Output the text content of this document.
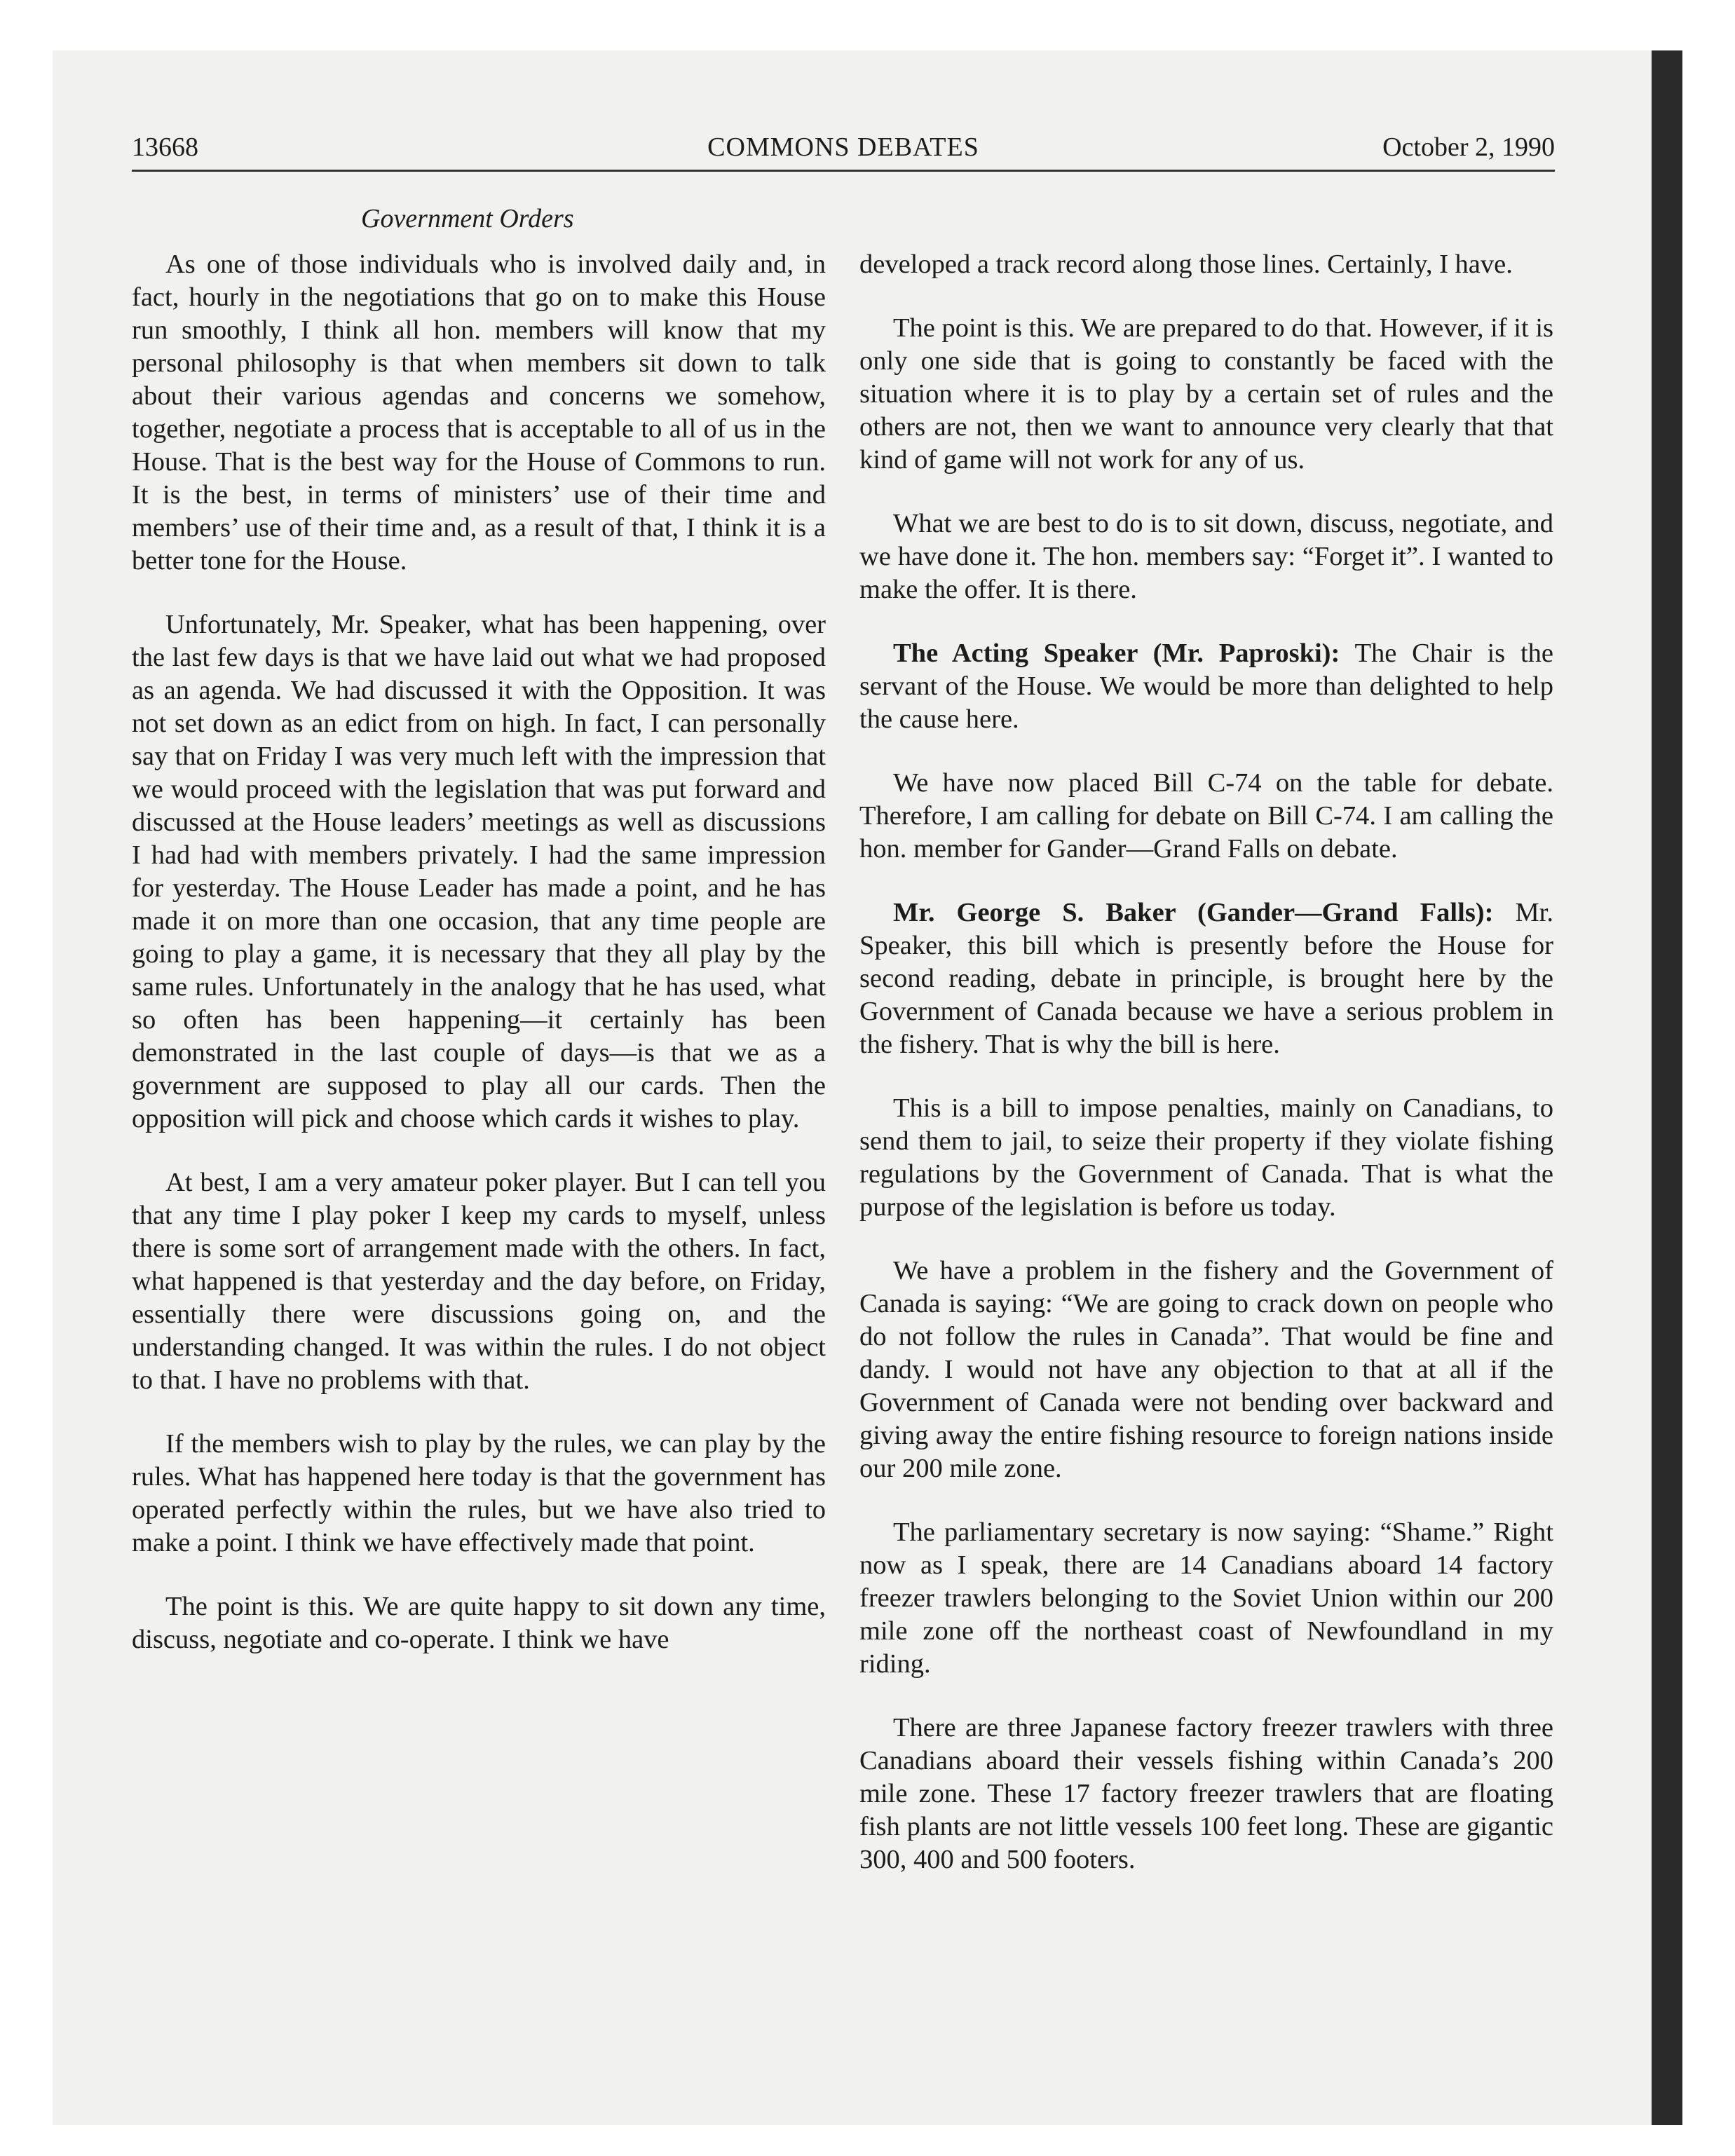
13668	COMMONS DEBATES	October 2, 1990
Government Orders

As one of those individuals who is involved daily and, in fact, hourly in the negotiations that go on to make this House run smoothly, I think all hon. members will know that my personal philosophy is that when members sit down to talk about their various agendas and concerns we somehow, together, negotiate a process that is acceptable to all of us in the House. That is the best way for the House of Commons to run. It is the best, in terms of ministers’ use of their time and members’ use of their time and, as a result of that, I think it is a better tone for the House.

Unfortunately, Mr. Speaker, what has been happening, over the last few days is that we have laid out what we had proposed as an agenda. We had discussed it with the Opposition. It was not set down as an edict from on high. In fact, I can personally say that on Friday I was very much left with the impression that we would proceed with the legislation that was put forward and discussed at the House leaders’ meetings as well as discussions I had had with members privately. I had the same impression for yesterday. The House Leader has made a point, and he has made it on more than one occasion, that any time people are going to play a game, it is necessary that they all play by the same rules. Unfortunately in the analogy that he has used, what so often has been happening—it certainly has been demonstrated in the last couple of days—is that we as a government are supposed to play all our cards. Then the opposition will pick and choose which cards it wishes to play.

At best, I am a very amateur poker player. But I can tell you that any time I play poker I keep my cards to myself, unless there is some sort of arrangement made with the others. In fact, what happened is that yesterday and the day before, on Friday, essentially there were discussions going on, and the understanding changed. It was within the rules. I do not object to that. I have no problems with that.

If the members wish to play by the rules, we can play by the rules. What has happened here today is that the government has operated perfectly within the rules, but we have also tried to make a point. I think we have effectively made that point.

The point is this. We are quite happy to sit down any time, discuss, negotiate and co-operate. I think we have

developed a track record along those lines. Certainly, I have.

The point is this. We are prepared to do that. However, if it is only one side that is going to constantly be faced with the situation where it is to play by a certain set of rules and the others are not, then we want to announce very clearly that that kind of game will not work for any of us.

What we are best to do is to sit down, discuss, negotiate, and we have done it. The hon. members say: “Forget it”. I wanted to make the offer. It is there.

The Acting Speaker (Mr. Paproski): The Chair is the servant of the House. We would be more than delighted to help the cause here.

We have now placed Bill C-74 on the table for debate. Therefore, I am calling for debate on Bill C-74. I am calling the hon. member for Gander—Grand Falls on debate.

Mr. George S. Baker (Gander—Grand Falls): Mr. Speaker, this bill which is presently before the House for second reading, debate in principle, is brought here by the Government of Canada because we have a serious problem in the fishery. That is why the bill is here.

This is a bill to impose penalties, mainly on Canadians, to send them to jail, to seize their property if they violate fishing regulations by the Government of Canada. That is what the purpose of the legislation is before us today.

We have a problem in the fishery and the Government of Canada is saying: “We are going to crack down on people who do not follow the rules in Canada”. That would be fine and dandy. I would not have any objection to that at all if the Government of Canada were not bending over backward and giving away the entire fishing resource to foreign nations inside our 200 mile zone.

The parliamentary secretary is now saying: “Shame.” Right now as I speak, there are 14 Canadians aboard 14 factory freezer trawlers belonging to the Soviet Union within our 200 mile zone off the northeast coast of Newfoundland in my riding.

There are three Japanese factory freezer trawlers with three Canadians aboard their vessels fishing within Canada’s 200 mile zone. These 17 factory freezer trawlers that are floating fish plants are not little vessels 100 feet long. These are gigantic 300, 400 and 500 footers.
